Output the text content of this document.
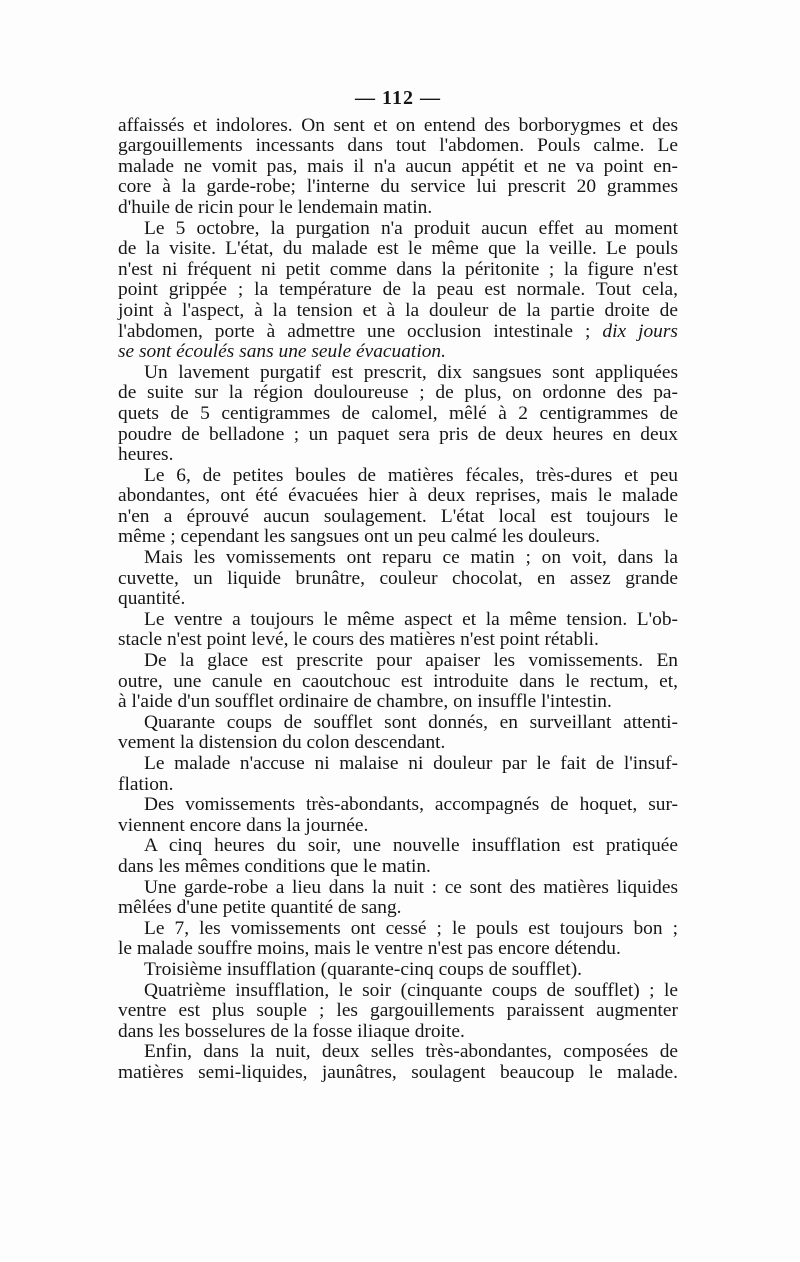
— 112 —
affaissés et indolores. On sent et on entend des borborygmes et des
gargouillements incessants dans tout l'abdomen. Pouls calme. Le
malade ne vomit pas, mais il n'a aucun appétit et ne va point en-
core à la garde-robe; l'interne du service lui prescrit 20 grammes
d'huile de ricin pour le lendemain matin.
Le 5 octobre, la purgation n'a produit aucun effet au moment
de la visite. L'état, du malade est le même que la veille. Le pouls
n'est ni fréquent ni petit comme dans la péritonite ; la figure n'est
point grippée ; la température de la peau est normale. Tout cela,
joint à l'aspect, à la tension et à la douleur de la partie droite de
l'abdomen, porte à admettre une occlusion intestinale ; dix jours
se sont écoulés sans une seule évacuation.
Un lavement purgatif est prescrit, dix sangsues sont appliquées
de suite sur la région douloureuse ; de plus, on ordonne des pa-
quets de 5 centigrammes de calomel, mêlé à 2 centigrammes de
poudre de belladone ; un paquet sera pris de deux heures en deux
heures.
Le 6, de petites boules de matières fécales, très-dures et peu
abondantes, ont été évacuées hier à deux reprises, mais le malade
n'en a éprouvé aucun soulagement. L'état local est toujours le
même ; cependant les sangsues ont un peu calmé les douleurs.
Mais les vomissements ont reparu ce matin ; on voit, dans la
cuvette, un liquide brunâtre, couleur chocolat, en assez grande
quantité.
Le ventre a toujours le même aspect et la même tension. L'ob-
stacle n'est point levé, le cours des matières n'est point rétabli.
De la glace est prescrite pour apaiser les vomissements. En
outre, une canule en caoutchouc est introduite dans le rectum, et,
à l'aide d'un soufflet ordinaire de chambre, on insuffle l'intestin.
Quarante coups de soufflet sont donnés, en surveillant attenti-
vement la distension du colon descendant.
Le malade n'accuse ni malaise ni douleur par le fait de l'insuf-
flation.
Des vomissements très-abondants, accompagnés de hoquet, sur-
viennent encore dans la journée.
A cinq heures du soir, une nouvelle insufflation est pratiquée
dans les mêmes conditions que le matin.
Une garde-robe a lieu dans la nuit : ce sont des matières liquides
mêlées d'une petite quantité de sang.
Le 7, les vomissements ont cessé ; le pouls est toujours bon ;
le malade souffre moins, mais le ventre n'est pas encore détendu.
Troisième insufflation (quarante-cinq coups de soufflet).
Quatrième insufflation, le soir (cinquante coups de soufflet) ; le
ventre est plus souple ; les gargouillements paraissent augmenter
dans les bosselures de la fosse iliaque droite.
Enfin, dans la nuit, deux selles très-abondantes, composées de
matières semi-liquides, jaunâtres, soulagent beaucoup le malade.
